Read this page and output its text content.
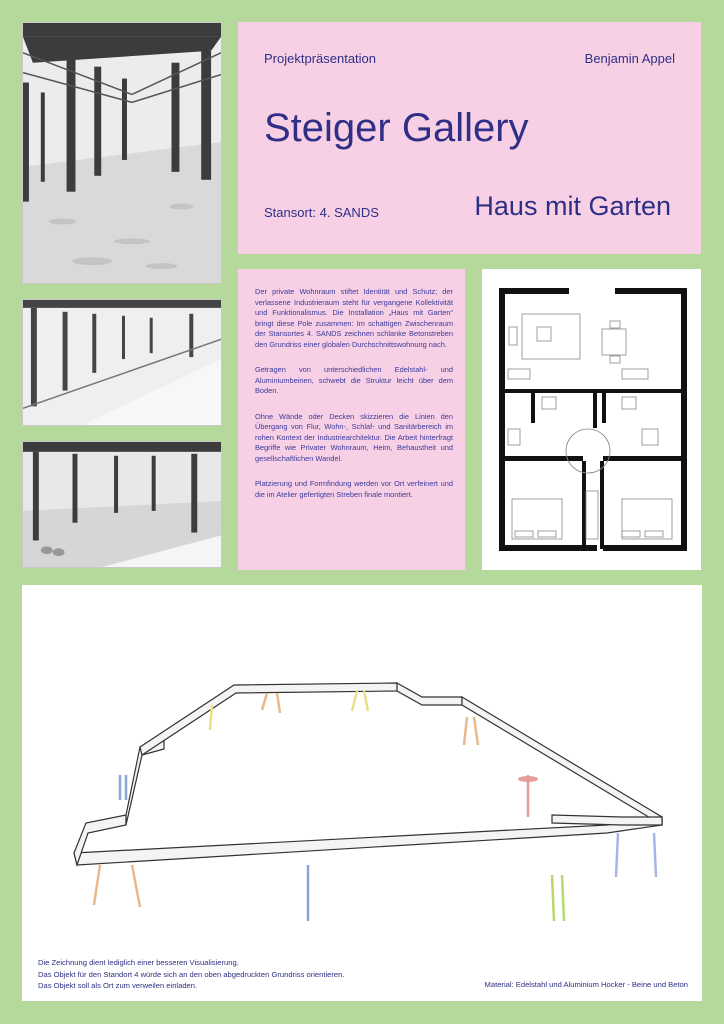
Projektpräsentation	Benjamin Appel
Steiger Gallery
Stansort: 4. SANDS	Haus mit Garten

Der private Wohnraum stiftet Identität und Schutz; der verlassene Industrieraum steht für vergangene Kollektivität und Funktionalismus. Die Installation „Haus mit Garten“ bringt diese Pole zusammen: Im schattigen Zwischenraum der Stansortes 4. SANDS zeichnen schlanke Betonstreben den Grundriss einer globalen Durchschnittswohnung nach.

Getragen von unterschiedlichen Edelstahl- und Aluminiumbeinen, schwebt die Struktur leicht über dem Boden.

Ohne Wände oder Decken skizzieren die Linien den Übergang von Flur, Wohn-, Schlaf- und Sanitärbereich im rohen Kontext der Industriearchitektur. Die Arbeit hinterfragt Begriffe wie Privater Wohnraum, Heim, Behaustheit und gesellschaftlichen Wandel.

Platzierung und Formfindung werden vor Ort verfeinert und die im Atelier gefertigten Streben finale montiert.

Die Zeichnung dient lediglich einer besseren Visualisierung.
Das Objekt für den Standort 4 würde sich an den oben abgedruckten Grundriss orientieren.
Das Objekt soll als Ort zum verweilen einladen.	Material: Edelstahl und Aluminium Hocker - Beine und Beton
